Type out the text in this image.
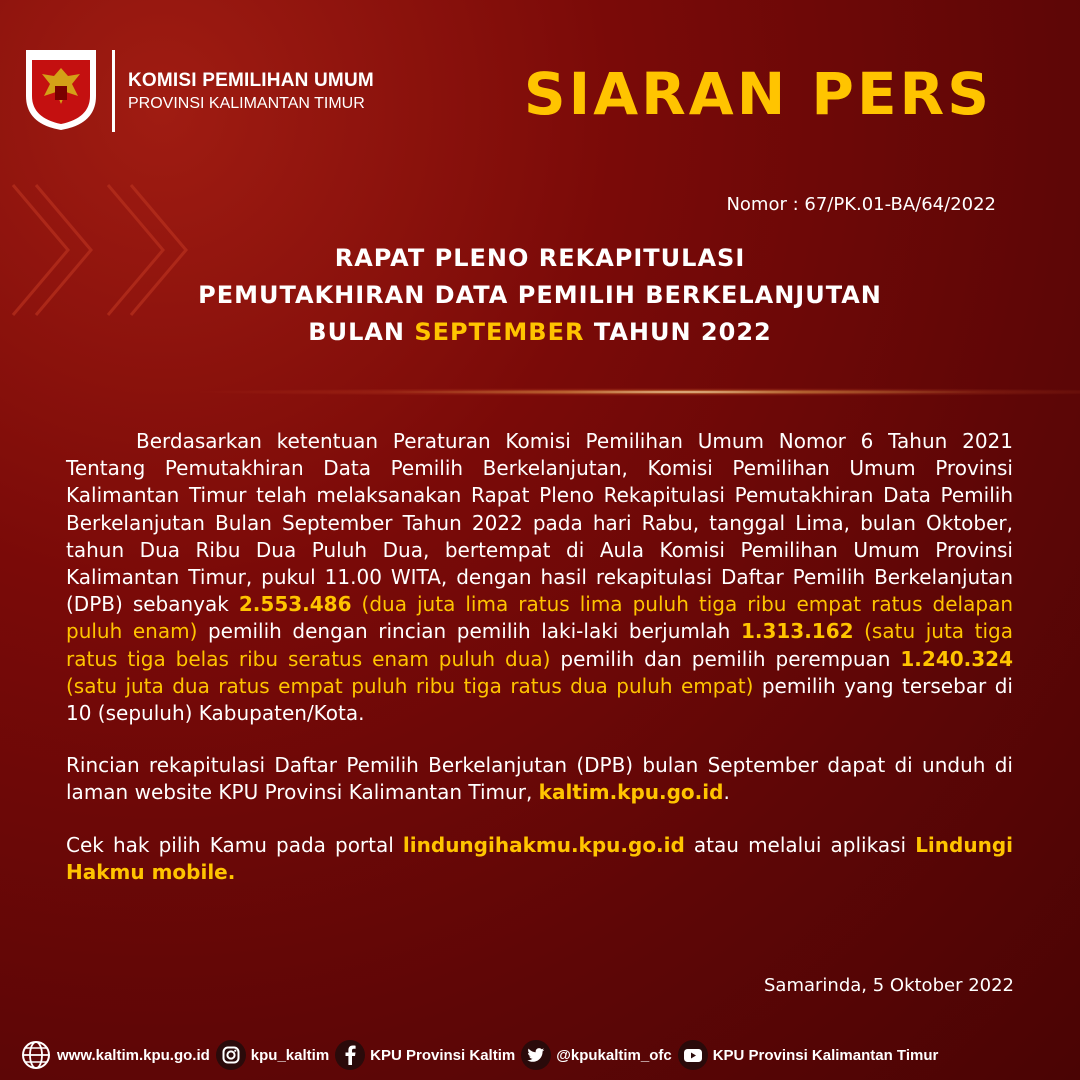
KOMISI PEMILIHAN UMUM
PROVINSI KALIMANTAN TIMUR	SIARAN PERS
Nomor : 67/PK.01-BA/64/2022
RAPAT PLENO REKAPITULASI
PEMUTAKHIRAN DATA PEMILIH BERKELANJUTAN
BULAN SEPTEMBER TAHUN 2022

Berdasarkan ketentuan Peraturan Komisi Pemilihan Umum Nomor 6 Tahun 2021 Tentang Pemutakhiran Data Pemilih Berkelanjutan, Komisi Pemilihan Umum Provinsi Kalimantan Timur telah melaksanakan Rapat Pleno Rekapitulasi Pemutakhiran Data Pemilih Berkelanjutan Bulan September Tahun 2022 pada hari Rabu, tanggal Lima, bulan Oktober, tahun Dua Ribu Dua Puluh Dua, bertempat di Aula Komisi Pemilihan Umum Provinsi Kalimantan Timur, pukul 11.00 WITA, dengan hasil rekapitulasi Daftar Pemilih Berkelanjutan (DPB) sebanyak 2.553.486 (dua juta lima ratus lima puluh tiga ribu empat ratus delapan puluh enam) pemilih dengan rincian pemilih laki-laki berjumlah 1.313.162 (satu juta tiga ratus tiga belas ribu seratus enam puluh dua) pemilih dan pemilih perempuan 1.240.324 (satu juta dua ratus empat puluh ribu tiga ratus dua puluh empat) pemilih yang tersebar di 10 (sepuluh) Kabupaten/Kota.

Rincian rekapitulasi Daftar Pemilih Berkelanjutan (DPB) bulan September dapat di unduh di laman website KPU Provinsi Kalimantan Timur, kaltim.kpu.go.id.

Cek hak pilih Kamu pada portal lindungihakmu.kpu.go.id atau melalui aplikasi Lindungi Hakmu mobile.

Samarinda, 5 Oktober 2022
www.kaltim.kpu.go.id	kpu_kaltim	KPU Provinsi Kaltim	@kpukaltim_ofc	KPU Provinsi Kalimantan Timur
